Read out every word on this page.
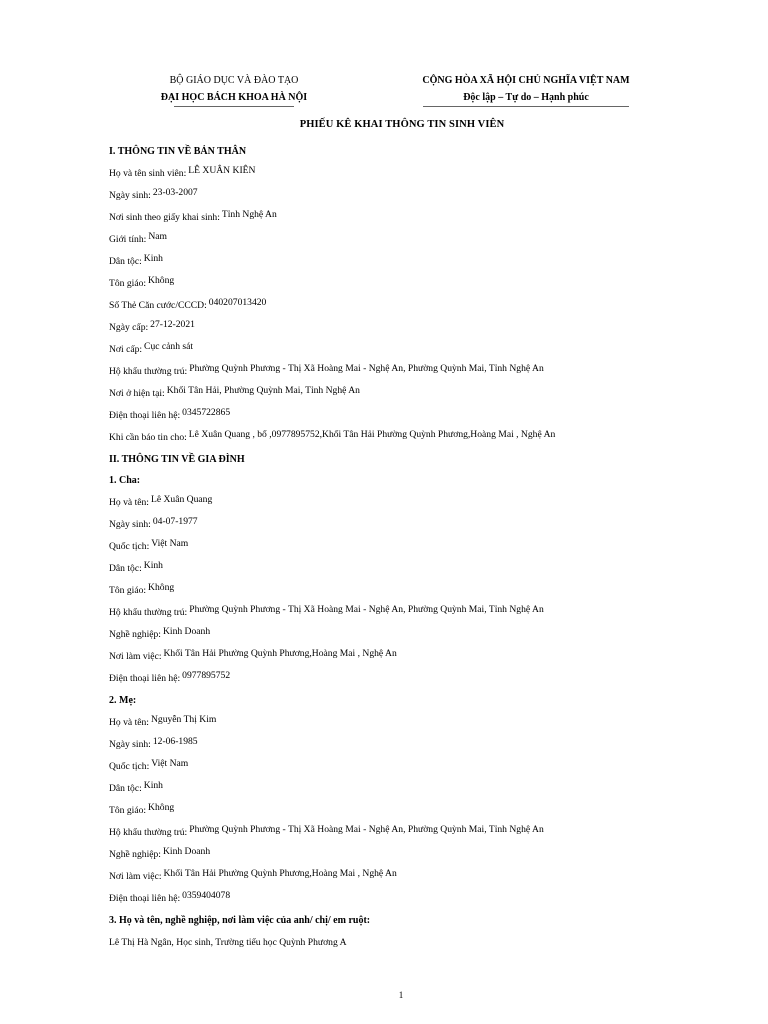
BỘ GIÁO DỤC VÀ ĐÀO TẠO
ĐẠI HỌC BÁCH KHOA HÀ NỘI
CỘNG HÒA XÃ HỘI CHỦ NGHĨA VIỆT NAM
Độc lập – Tự do – Hạnh phúc
PHIẾU KÊ KHAI THÔNG TIN SINH VIÊN
I. THÔNG TIN VỀ BẢN THÂN
Họ và tên sinh viên: LÊ XUÂN KIÊN
Ngày sinh: 23-03-2007
Nơi sinh theo giấy khai sinh: Tỉnh Nghệ An
Giới tính: Nam
Dân tộc: Kinh
Tôn giáo: Không
Số Thẻ Căn cước/CCCD: 040207013420
Ngày cấp: 27-12-2021
Nơi cấp: Cục cảnh sát
Hộ khẩu thường trú: Phường Quỳnh Phương - Thị Xã Hoàng Mai - Nghệ An, Phường Quỳnh Mai, Tỉnh Nghệ An
Nơi ở hiện tại: Khối Tân Hải, Phường Quỳnh Mai, Tỉnh Nghệ An
Điện thoại liên hệ: 0345722865
Khi cần báo tin cho: Lê Xuân Quang , bố ,0977895752,Khối Tân Hải Phường Quỳnh Phương,Hoàng Mai , Nghệ An
II. THÔNG TIN VỀ GIA ĐÌNH
1. Cha:
Họ và tên: Lê Xuân Quang
Ngày sinh: 04-07-1977
Quốc tịch: Việt Nam
Dân tộc: Kinh
Tôn giáo: Không
Hộ khẩu thường trú: Phường Quỳnh Phương - Thị Xã Hoàng Mai - Nghệ An, Phường Quỳnh Mai, Tỉnh Nghệ An
Nghề nghiệp: Kinh Doanh
Nơi làm việc: Khối Tân Hải Phường Quỳnh Phương,Hoàng Mai , Nghệ An
Điện thoại liên hệ: 0977895752
2. Mẹ:
Họ và tên: Nguyễn Thị Kim
Ngày sinh: 12-06-1985
Quốc tịch: Việt Nam
Dân tộc: Kinh
Tôn giáo: Không
Hộ khẩu thường trú: Phường Quỳnh Phương - Thị Xã Hoàng Mai - Nghệ An, Phường Quỳnh Mai, Tỉnh Nghệ An
Nghề nghiệp: Kinh Doanh
Nơi làm việc: Khối Tân Hải Phường Quỳnh Phương,Hoàng Mai , Nghệ An
Điện thoại liên hệ: 0359404078
3. Họ và tên, nghề nghiệp, nơi làm việc của anh/ chị/ em ruột:
Lê Thị Hà Ngân, Học sinh, Trường tiểu học Quỳnh Phương A
1
